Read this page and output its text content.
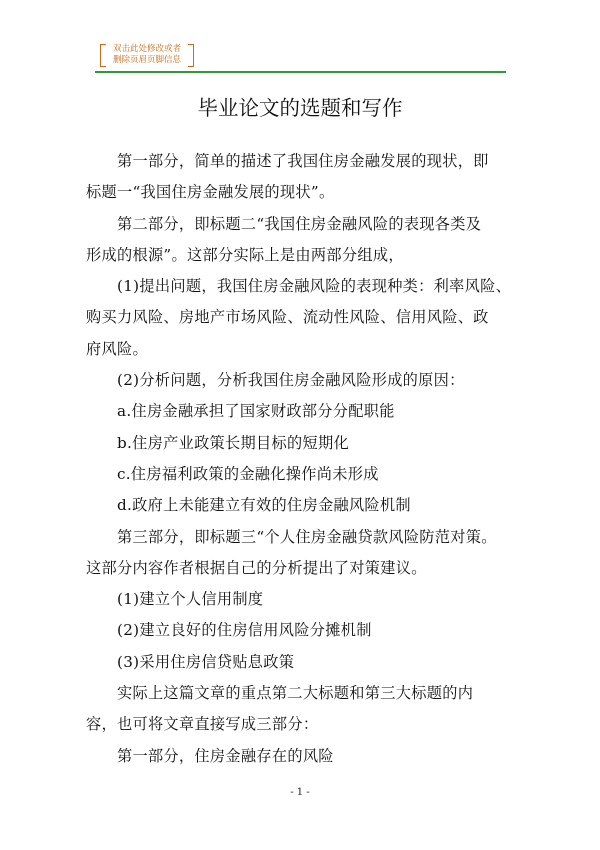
双击此处修改或者
删除页眉页脚信息
毕业论文的选题和写作

　　第一部分，简单的描述了我国住房金融发展的现状，即

标题一“我国住房金融发展的现状”。

　　第二部分，即标题二“我国住房金融风险的表现各类及

形成的根源”。这部分实际上是由两部分组成，

　　(1)提出问题，我国住房金融风险的表现种类：利率风险、

购买力风险、房地产市场风险、流动性风险、信用风险、政

府风险。

　　(2)分析问题，分析我国住房金融风险形成的原因：

　　a.住房金融承担了国家财政部分分配职能

　　b.住房产业政策长期目标的短期化

　　c.住房福利政策的金融化操作尚未形成

　　d.政府上未能建立有效的住房金融风险机制

　　第三部分，即标题三“个人住房金融贷款风险防范对策。

这部分内容作者根据自己的分析提出了对策建议。

　　(1)建立个人信用制度

　　(2)建立良好的住房信用风险分摊机制

　　(3)采用住房信贷贴息政策

　　实际上这篇文章的重点第二大标题和第三大标题的内

容，也可将文章直接写成三部分：

　　第一部分，住房金融存在的风险

- 1 -
